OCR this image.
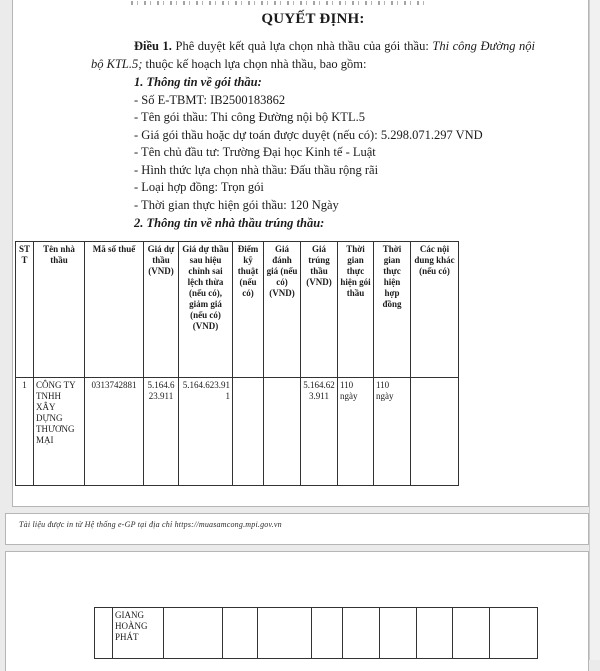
QUYẾT ĐỊNH:

Điều 1. Phê duyệt kết quả lựa chọn nhà thầu của gói thầu: Thi công Đường nội bộ KTL.5; thuộc kế hoạch lựa chọn nhà thầu, bao gồm:

1. Thông tin về gói thầu:
- Số E-TBMT: IB2500183862
- Tên gói thầu: Thi công Đường nội bộ KTL.5
- Giá gói thầu hoặc dự toán được duyệt (nếu có): 5.298.071.297 VND
- Tên chủ đầu tư: Trường Đại học Kinh tế - Luật
- Hình thức lựa chọn nhà thầu: Đấu thầu rộng rãi
- Loại hợp đồng: Trọn gói
- Thời gian thực hiện gói thầu: 120 Ngày
2. Thông tin về nhà thầu trúng thầu:
STT	Tên nhà thầu	Mã số thuế	Giá dự thầu (VND)	Giá dự thầu sau hiệu chỉnh sai lệch thừa (nếu có), giảm giá (nếu có) (VND)	Điểm kỹ thuật (nếu có)	Giá đánh giá (nếu có) (VND)	Giá trúng thầu (VND)	Thời gian thực hiện gói thầu	Thời gian thực hiện hợp đồng	Các nội dung khác (nếu có)
1	CÔNG TY TNHH XÂY DỰNG THƯƠNG MẠI	0313742881	5.164.623.911	5.164.623.911			5.164.623.911	110 ngày	110 ngày	
Tài liệu được in từ Hệ thống e-GP tại địa chỉ https://muasamcong.mpi.gov.vn
	GIANG HOÀNG PHÁT									
